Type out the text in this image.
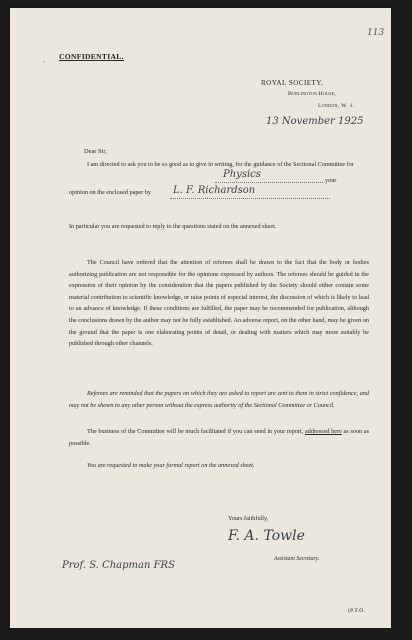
113
CONFIDENTIAL.
’
ROYAL SOCIETY,
Burlington House,
London, W. 1.
13 November 1925
Dear Sir,
I am directed to ask you to be so good as to give in writing, for the guidance of the Sectional Committee for
Physics
your
opinion on the enclosed paper by L. F. Richardson
In particular you are requested to reply to the questions stated on the annexed sheet.
The Council have ordered that the attention of referees shall be drawn to the fact that the body or bodies authorizing publication are not responsible for the opinions expressed by authors. The referees should be guided in the expression of their opinion by the consideration that the papers published by the Society should either contain some material contribution to scientific knowledge, or raise points of especial interest, the discussion of which is likely to lead to an advance of knowledge. If these conditions are fulfilled, the paper may be recommended for publication, although the conclusions drawn by the author may not be fully established. An adverse report, on the other hand, may be given on the ground that the paper is one elaborating points of detail, or dealing with matters which may more suitably be published through other channels.
Referees are reminded that the papers on which they are asked to report are sent to them in strict confidence, and may not be shown to any other person without the express authority of the Sectional Committee or Council.
The business of the Committee will be much facilitated if you can send in your report, addressed here as soon as possible.
You are requested to make your formal report on the annexed sheet.
Yours faithfully,
F. A. Towle
Assistant Secretary.
Prof. S. Chapman FRS
(P.T.O.
